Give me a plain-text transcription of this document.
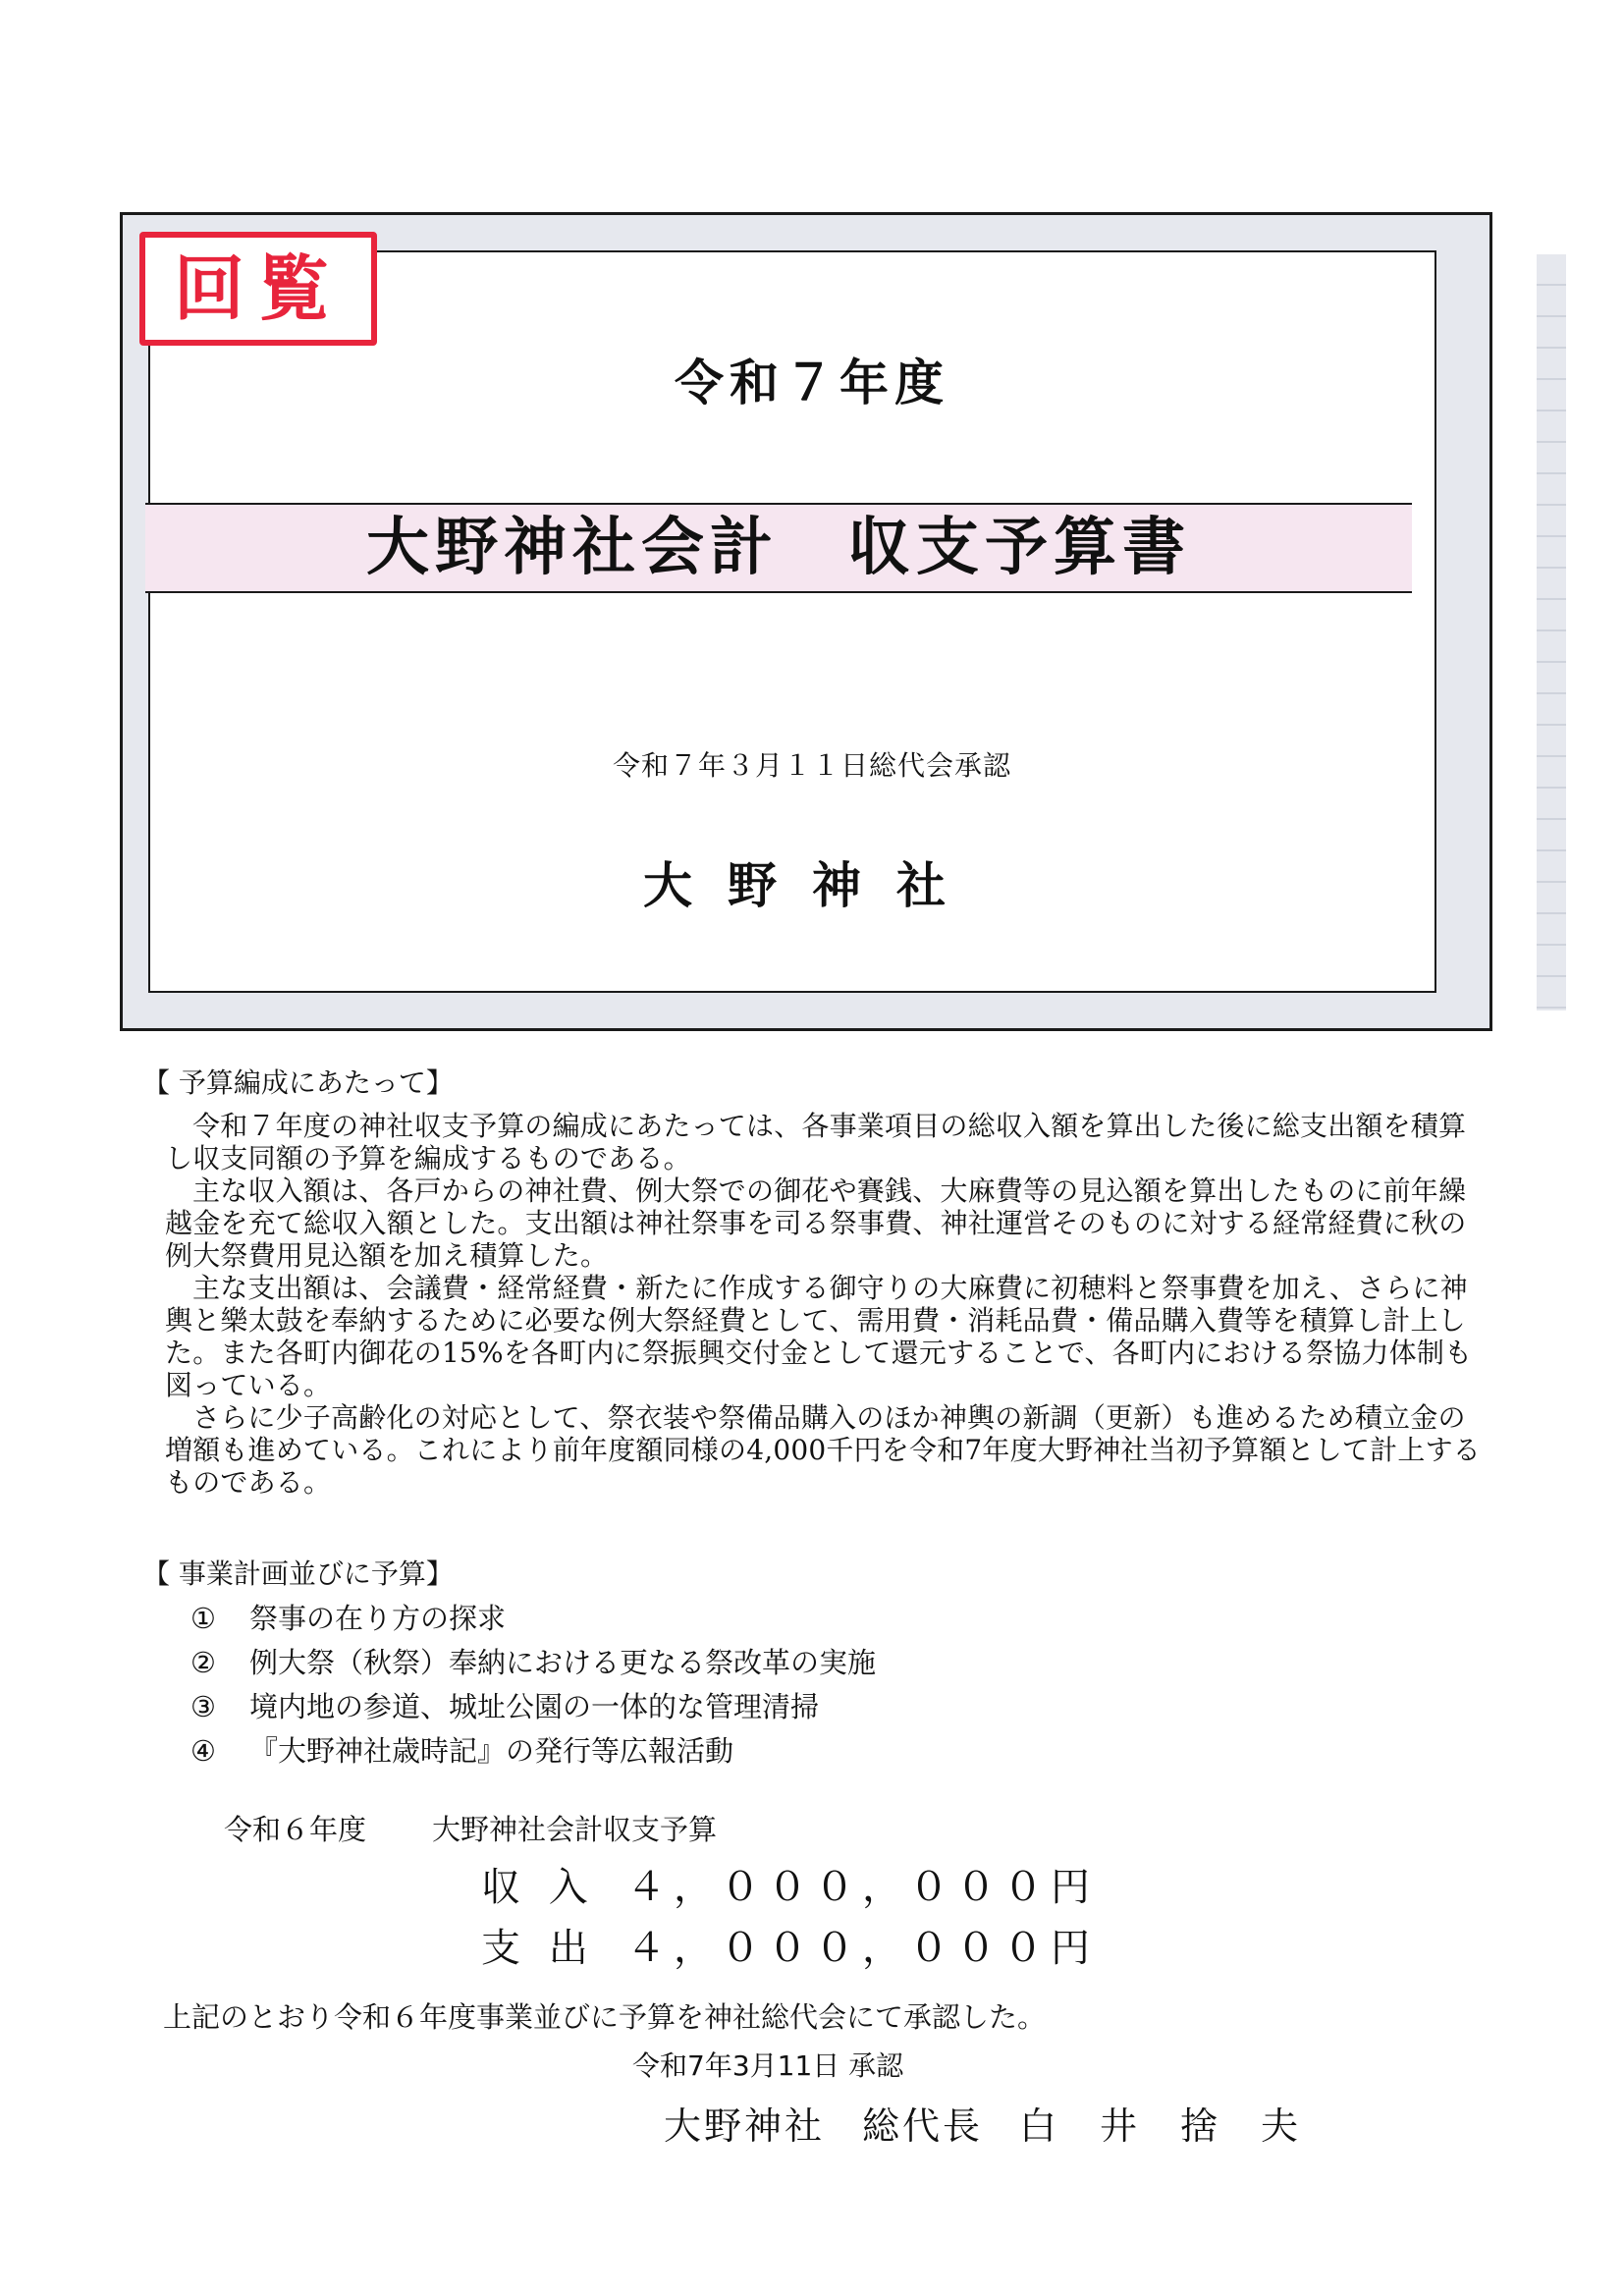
回覧
令和７年度
大野神社会計　収支予算書
令和７年３月１１日総代会承認
大野神社
【 予算編成にあたって】

令和７年度の神社収支予算の編成にあたっては、各事業項目の総収入額を算出した後に総支出額を積算し収支同額の予算を編成するものである。

主な収入額は、各戸からの神社費、例大祭での御花や賽銭、大麻費等の見込額を算出したものに前年繰越金を充て総収入額とした。支出額は神社祭事を司る祭事費、神社運営そのものに対する経常経費に秋の例大祭費用見込額を加え積算した。

主な支出額は、会議費・経常経費・新たに作成する御守りの大麻費に初穂料と祭事費を加え、さらに神輿と樂太鼓を奉納するために必要な例大祭経費として、需用費・消耗品費・備品購入費等を積算し計上した。また各町内御花の15%を各町内に祭振興交付金として還元することで、各町内における祭協力体制も図っている。

さらに少子高齢化の対応として、祭衣装や祭備品購入のほか神輿の新調（更新）も進めるため積立金の増額も進めている。これにより前年度額同様の4,000千円を令和7年度大野神社当初予算額として計上するものである。

【 事業計画並びに予算】
① 祭事の在り方の探求
② 例大祭（秋祭）奉納における更なる祭改革の実施
③ 境内地の参道、城址公園の一体的な管理清掃
④ 『大野神社歳時記』の発行等広報活動
令和６年度 大野神社会計収支予算
収 入 ４，０００，０００円
支 出 ４，０００，０００円
上記のとおり令和６年度事業並びに予算を神社総代会にて承認した。
令和7年3月11日 承認
大野神社 総代長 白　井　捨　夫
